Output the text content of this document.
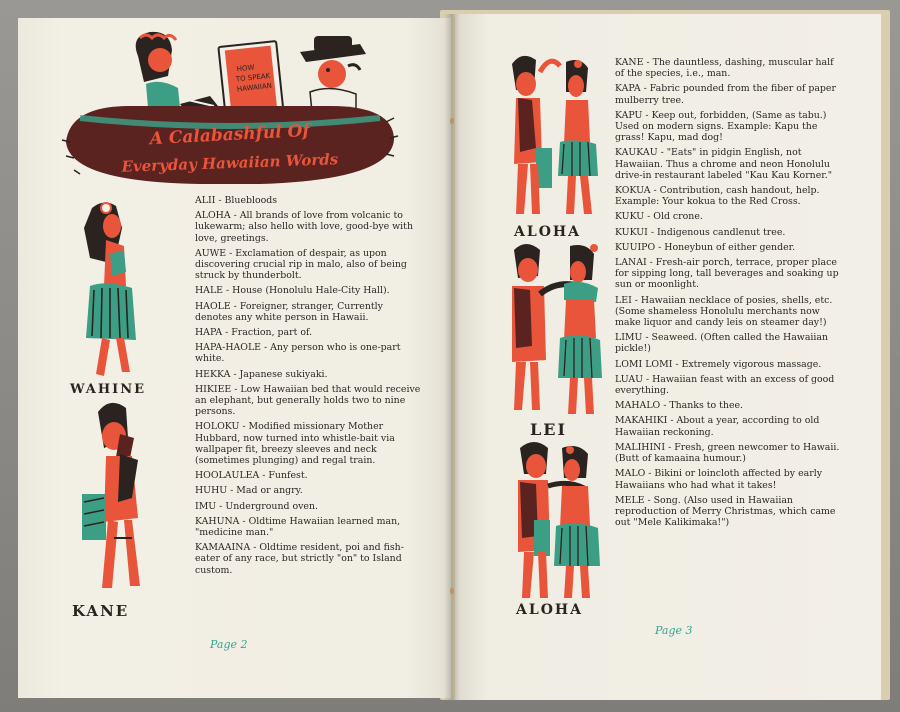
HOW
TO SPEAK
HAWAIIAN
A Calabashful Of
Everyday Hawaiian Words
WAHINE
KANE
ALII - Bluebloods
ALOHA - All brands of love from volcanic to lukewarm; also hello with love, good-bye with love, greetings.
AUWE - Exclamation of despair, as upon discovering crucial rip in malo, also of being struck by thunderbolt.
HALE - House (Honolulu Hale-City Hall).
HAOLE - Foreigner, stranger, Currently denotes any white person in Hawaii.
HAPA - Fraction, part of.
HAPA-HAOLE - Any person who is one-part white.
HEKKA - Japanese sukiyaki.
HIKIEE - Low Hawaiian bed that would receive an elephant, but generally holds two to nine persons.
HOLOKU - Modified missionary Mother Hubbard, now turned into whistle-bait via wallpaper fit, breezy sleeves and neck (sometimes plunging) and regal train.
HOOLAULEA - Funfest.
HUHU - Mad or angry.
IMU - Underground oven.
KAHUNA - Oldtime Hawaiian learned man, "medicine man."
KAMAAINA - Oldtime resident, poi and fish-eater of any race, but strictly "on" to Island custom.
Page 2
ALOHA
LEI
ALOHA
KANE - The dauntless, dashing, muscular half of the species, i.e., man.
KAPA - Fabric pounded from the fiber of paper mulberry tree.
KAPU - Keep out, forbidden, (Same as tabu.) Used on modern signs. Example: Kapu the grass! Kapu, mad dog!
KAUKAU - "Eats" in pidgin English, not Hawaiian. Thus a chrome and neon Honolulu drive-in restaurant labeled "Kau Kau Korner."
KOKUA - Contribution, cash handout, help. Example: Your kokua to the Red Cross.
KUKU - Old crone.
KUKUI - Indigenous candlenut tree.
KUUIPO - Honeybun of either gender.
LANAI - Fresh-air porch, terrace, proper place for sipping long, tall beverages and soaking up sun or moonlight.
LEI - Hawaiian necklace of posies, shells, etc. (Some shameless Honolulu merchants now make liquor and candy leis on steamer day!)
LIMU - Seaweed. (Often called the Hawaiian pickle!)
LOMI LOMI - Extremely vigorous massage.
LUAU - Hawaiian feast with an excess of good everything.
MAHALO - Thanks to thee.
MAKAHIKI - About a year, according to old Hawaiian reckoning.
MALIHINI - Fresh, green newcomer to Hawaii. (Butt of kamaaina humour.)
MALO - Bikini or loincloth affected by early Hawaiians who had what it takes!
MELE - Song. (Also used in Hawaiian reproduction of Merry Christmas, which came out "Mele Kalikimaka!")
Page 3
